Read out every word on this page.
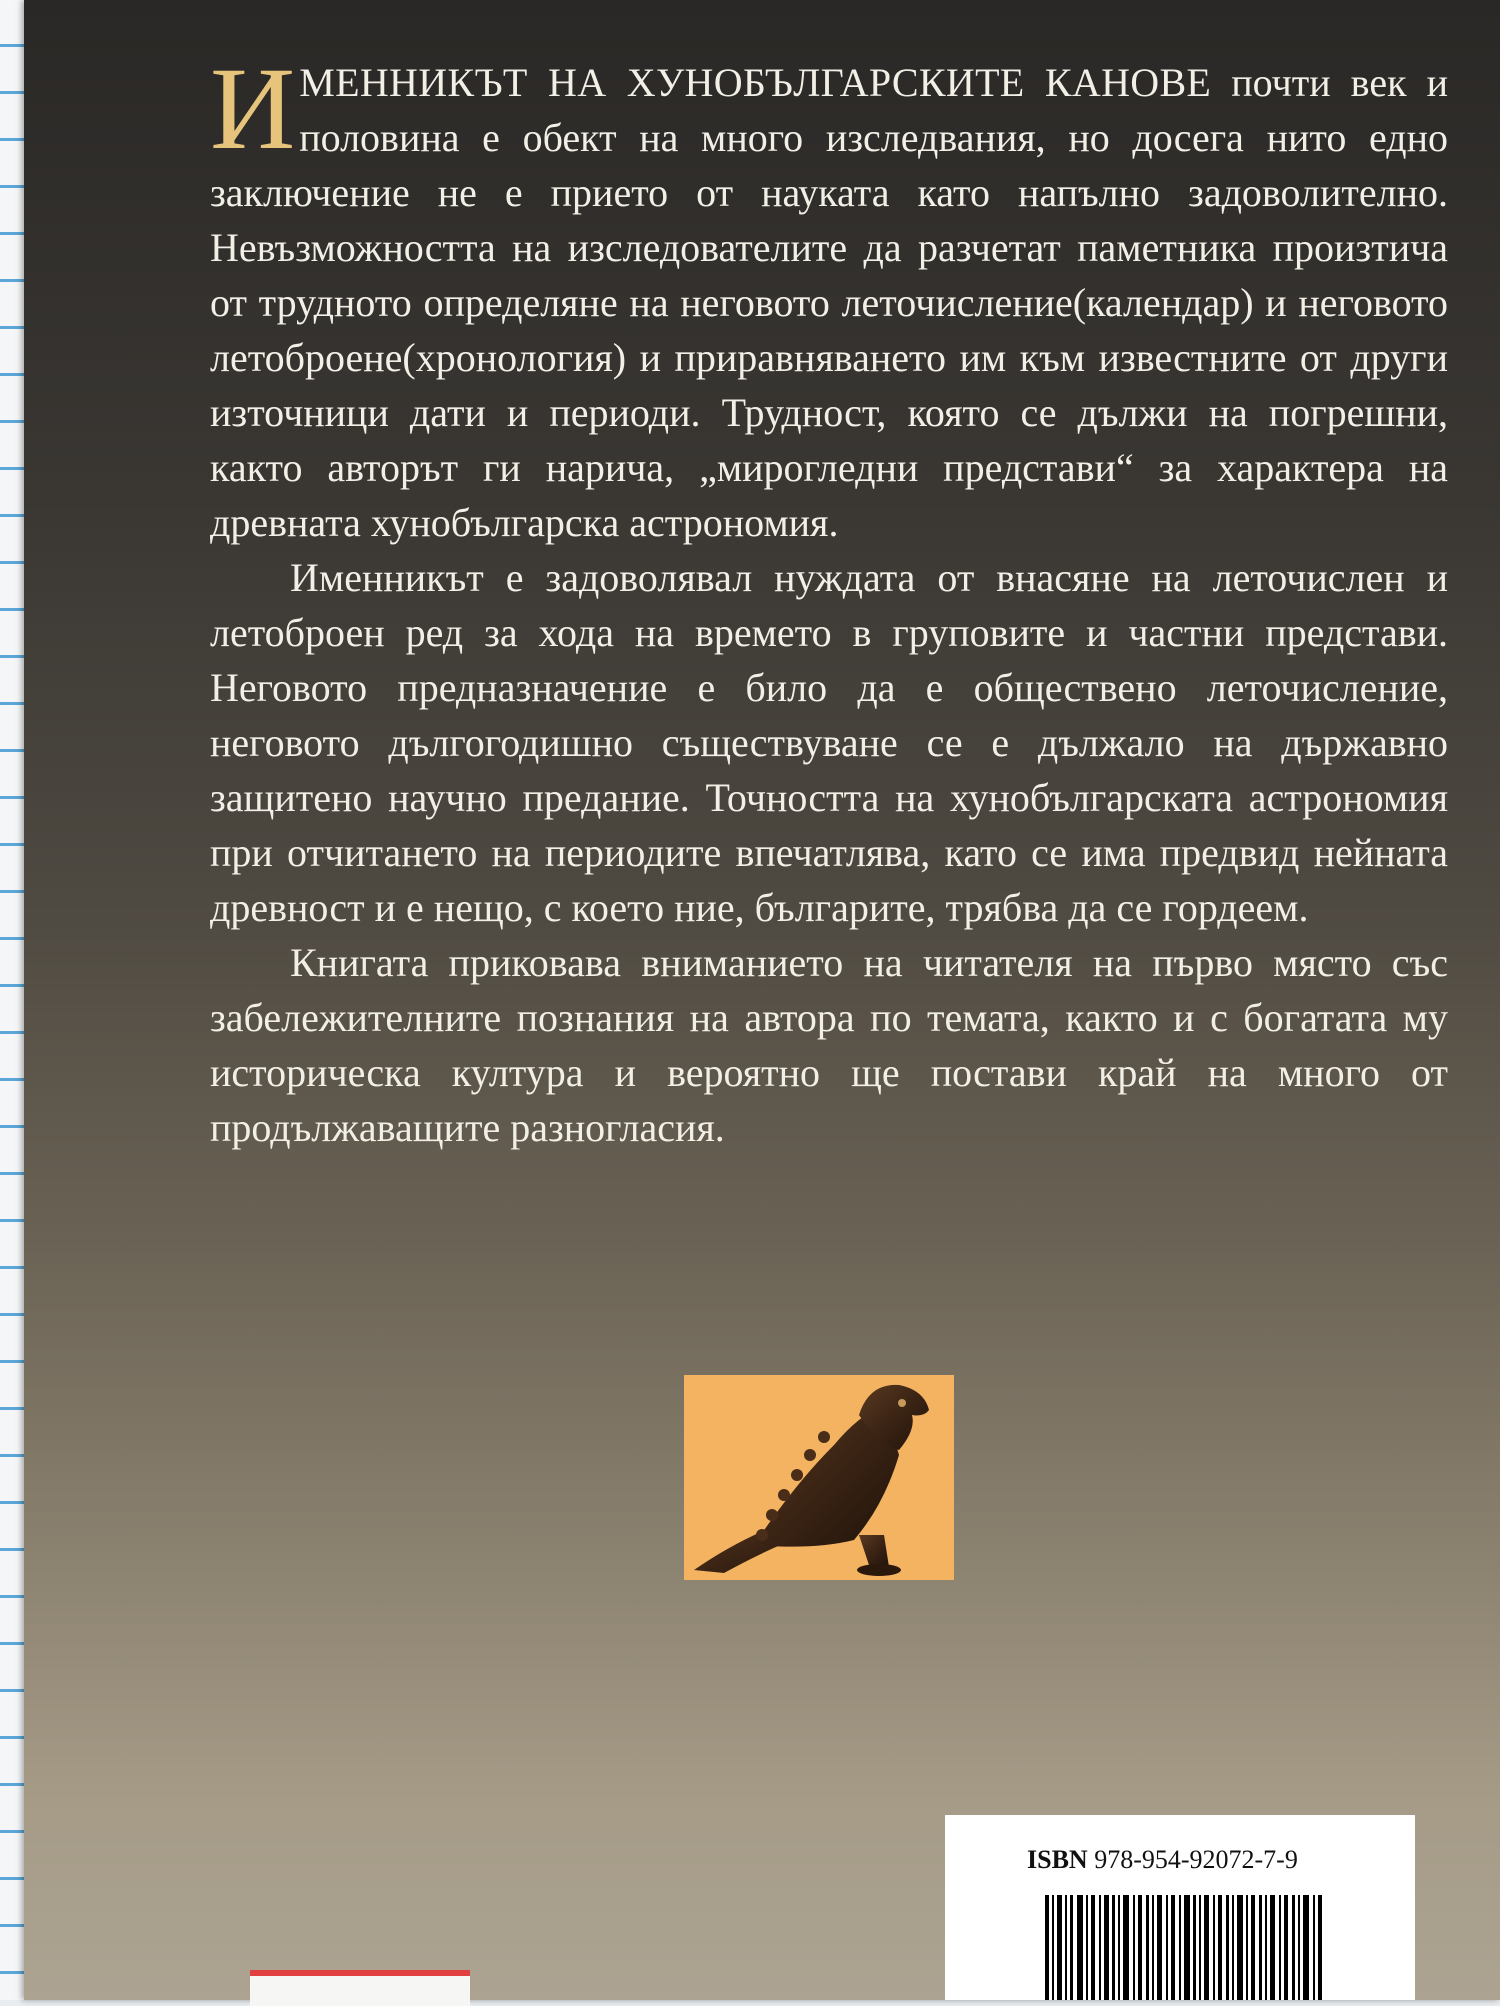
ИМЕННИКЪТ НА ХУНОБЪЛГАРСКИТЕ КАНОВЕ почти век и половина е обект на много изследвания, но досега нито едно заключение не е прието от науката като напълно задоволително. Невъзможността на изследователите да разчетат паметника произтича от трудното определяне на неговото леточисление(календар) и неговото летоброене(хронология) и приравняването им към известните от други източници дати и периоди. Трудност, която се дължи на погрешни, както авторът ги нарича, „мирогледни представи“ за характера на древната хунобългарска астрономия.

Именникът е задоволявал нуждата от внасяне на леточислен и летоброен ред за хода на времето в груповите и частни представи. Неговото предназначение е било да е обществено леточисление, неговото дългогодишно съществуване се е дължало на държавно защитено научно предание. Точността на хунобългарската астрономия при отчитането на периодите впечатлява, като се има предвид нейната древност и е нещо, с което ние, българите, трябва да се гордеем.

Книгата приковава вниманието на читателя на първо място със забележителните познания на автора по темата, както и с богатата му историческа култура и вероятно ще постави край на много от продължаващите разногласия.

ISBN 978-954-92072-7-9
